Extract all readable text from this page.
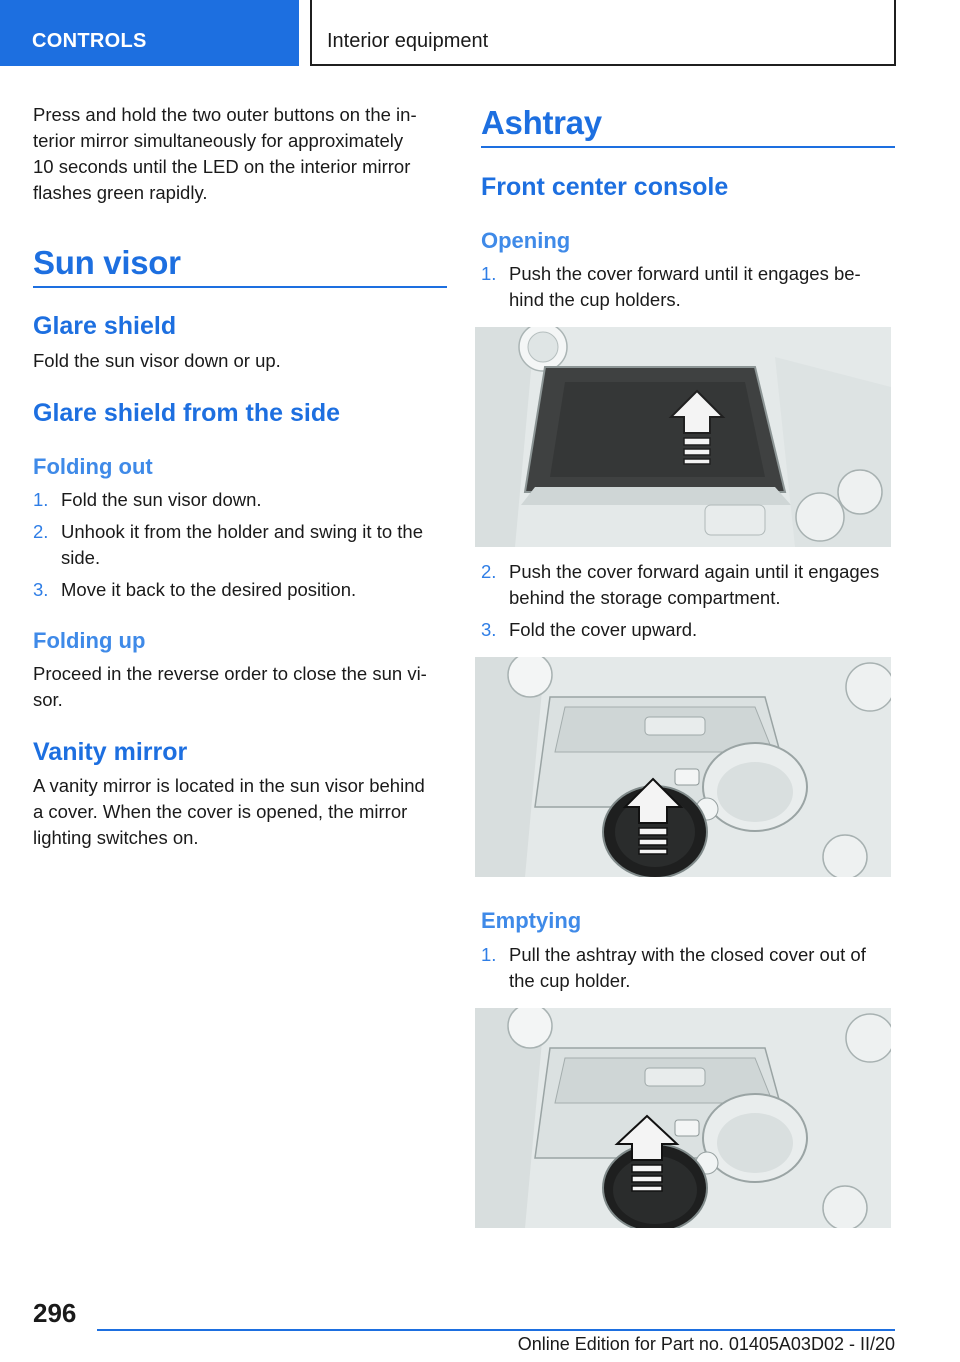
CONTROLS	Interior equipment
Press and hold the two outer buttons on the in-
terior mirror simultaneously for approximately
10 seconds until the LED on the interior mirror
flashes green rapidly.
Sun visor
Glare shield
Fold the sun visor down or up.
Glare shield from the side
Folding out
1. Fold the sun visor down.
2. Unhook it from the holder and swing it to the
side.
3. Move it back to the desired position.
Folding up
Proceed in the reverse order to close the sun vi-
sor.
Vanity mirror
A vanity mirror is located in the sun visor behind
a cover. When the cover is opened, the mirror
lighting switches on.
Ashtray
Front center console
Opening
1. Push the cover forward until it engages be-
hind the cup holders.
2. Push the cover forward again until it engages
behind the storage compartment.
3. Fold the cover upward.
Emptying
1. Pull the ashtray with the closed cover out of
the cup holder.
296
Online Edition for Part no. 01405A03D02 - II/20
